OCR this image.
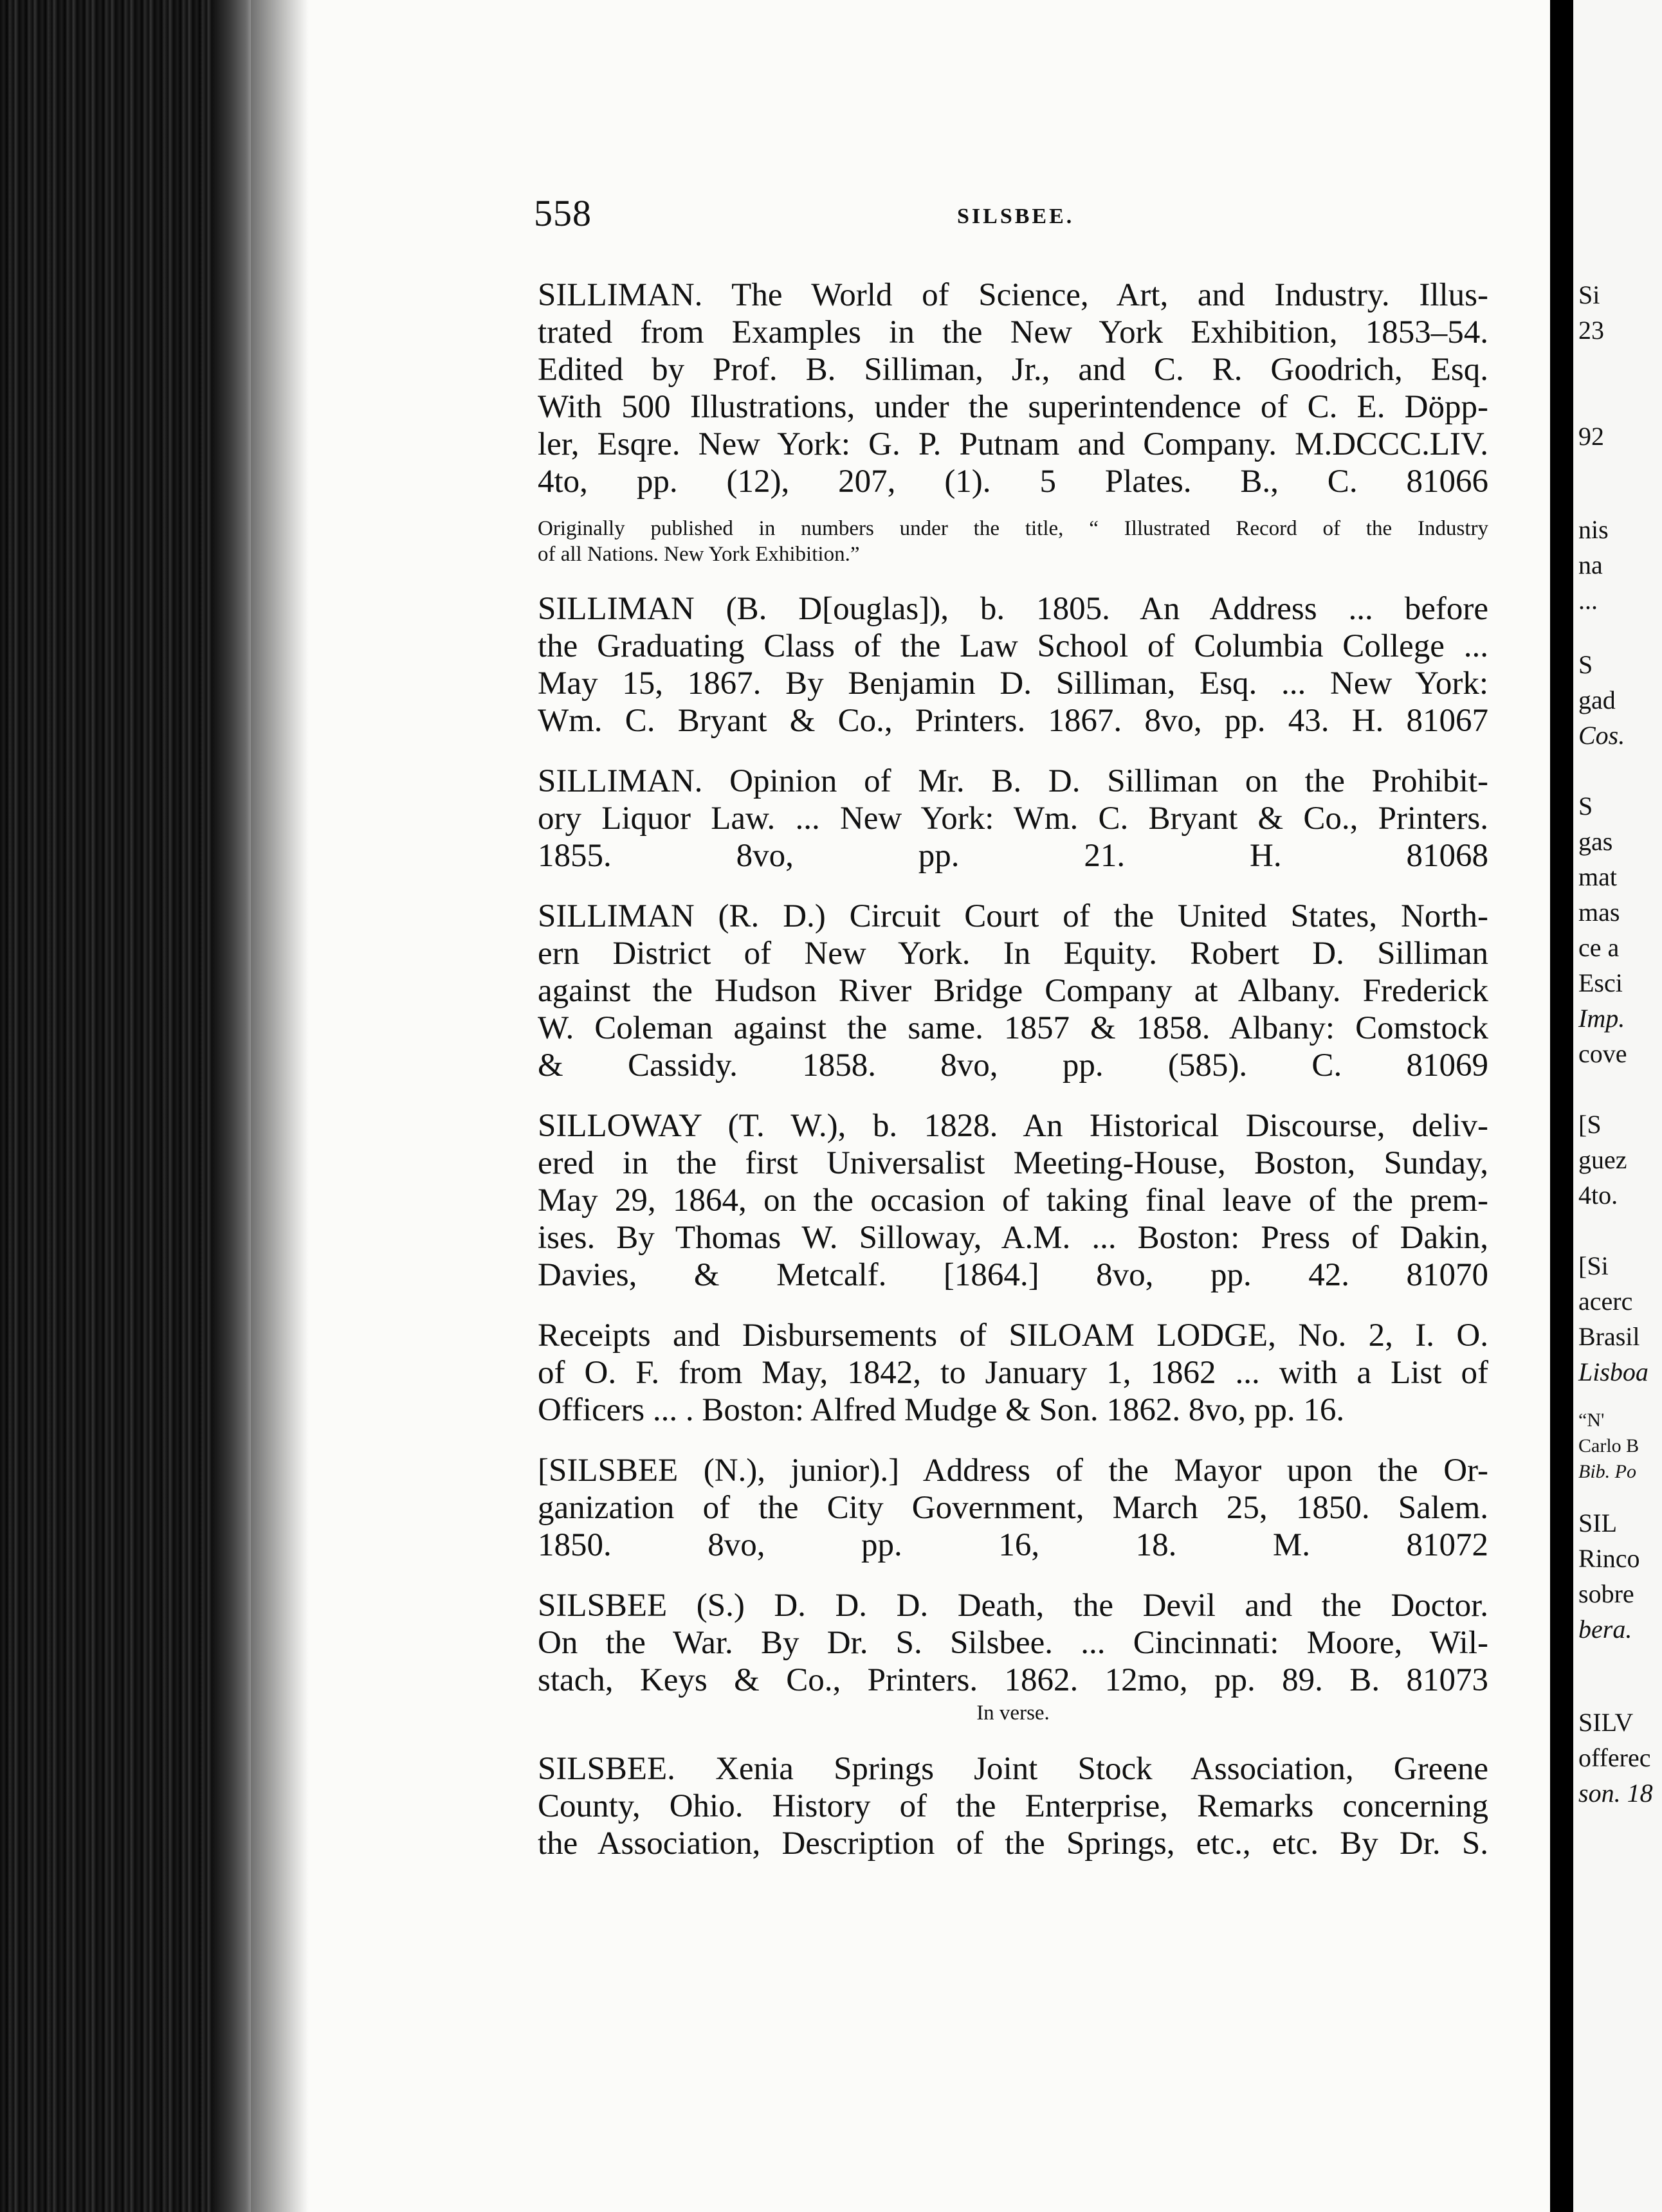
Si
23
92
nis
na
...
S
gad
Cos.
S
gas
mat
mas
ce a
Esci
Imp.
cove
[S
guez
4to.
[Si
acerc
Brasil
Lisboa
“N'
Carlo B
Bib. Po
SIL
Rinco
sobre
bera.
SILV
offerec
son. 18
558	SILSBEE.
SILLIMAN. The World of Science, Art, and Industry. Illus-
trated from Examples in the New York Exhibition, 1853–54.
Edited by Prof. B. Silliman, Jr., and C. R. Goodrich, Esq.
With 500 Illustrations, under the superintendence of C. E. Döpp-
ler, Esqre. New York: G. P. Putnam and Company. M.DCCC.LIV.
4to, pp. (12), 207, (1). 5 Plates. B., C. 81066
Originally published in numbers under the title, “ Illustrated Record of the Industry
of all Nations. New York Exhibition.”
SILLIMAN (B. D[ouglas]), b. 1805. An Address ... before
the Graduating Class of the Law School of Columbia College ...
May 15, 1867. By Benjamin D. Silliman, Esq. ... New York:
Wm. C. Bryant & Co., Printers. 1867. 8vo, pp. 43. H. 81067
SILLIMAN. Opinion of Mr. B. D. Silliman on the Prohibit-
ory Liquor Law. ... New York: Wm. C. Bryant & Co., Printers.
1855. 8vo, pp. 21. H. 81068
SILLIMAN (R. D.) Circuit Court of the United States, North-
ern District of New York. In Equity. Robert D. Silliman
against the Hudson River Bridge Company at Albany. Frederick
W. Coleman against the same. 1857 & 1858. Albany: Comstock
& Cassidy. 1858. 8vo, pp. (585). C. 81069
SILLOWAY (T. W.), b. 1828. An Historical Discourse, deliv-
ered in the first Universalist Meeting-House, Boston, Sunday,
May 29, 1864, on the occasion of taking final leave of the prem-
ises. By Thomas W. Silloway, A.M. ... Boston: Press of Dakin,
Davies, & Metcalf. [1864.] 8vo, pp. 42. 81070
Receipts and Disbursements of SILOAM LODGE, No. 2, I. O.
of O. F. from May, 1842, to January 1, 1862 ... with a List of
Officers ... . Boston: Alfred Mudge & Son. 1862. 8vo, pp. 16.
[SILSBEE (N.), junior).] Address of the Mayor upon the Or-
ganization of the City Government, March 25, 1850. Salem.
1850. 8vo, pp. 16, 18. M. 81072
SILSBEE (S.) D. D. D. Death, the Devil and the Doctor.
On the War. By Dr. S. Silsbee. ... Cincinnati: Moore, Wil-
stach, Keys & Co., Printers. 1862. 12mo, pp. 89. B. 81073
In verse.
SILSBEE. Xenia Springs Joint Stock Association, Greene
County, Ohio. History of the Enterprise, Remarks concerning
the Association, Description of the Springs, etc., etc. By Dr. S.
